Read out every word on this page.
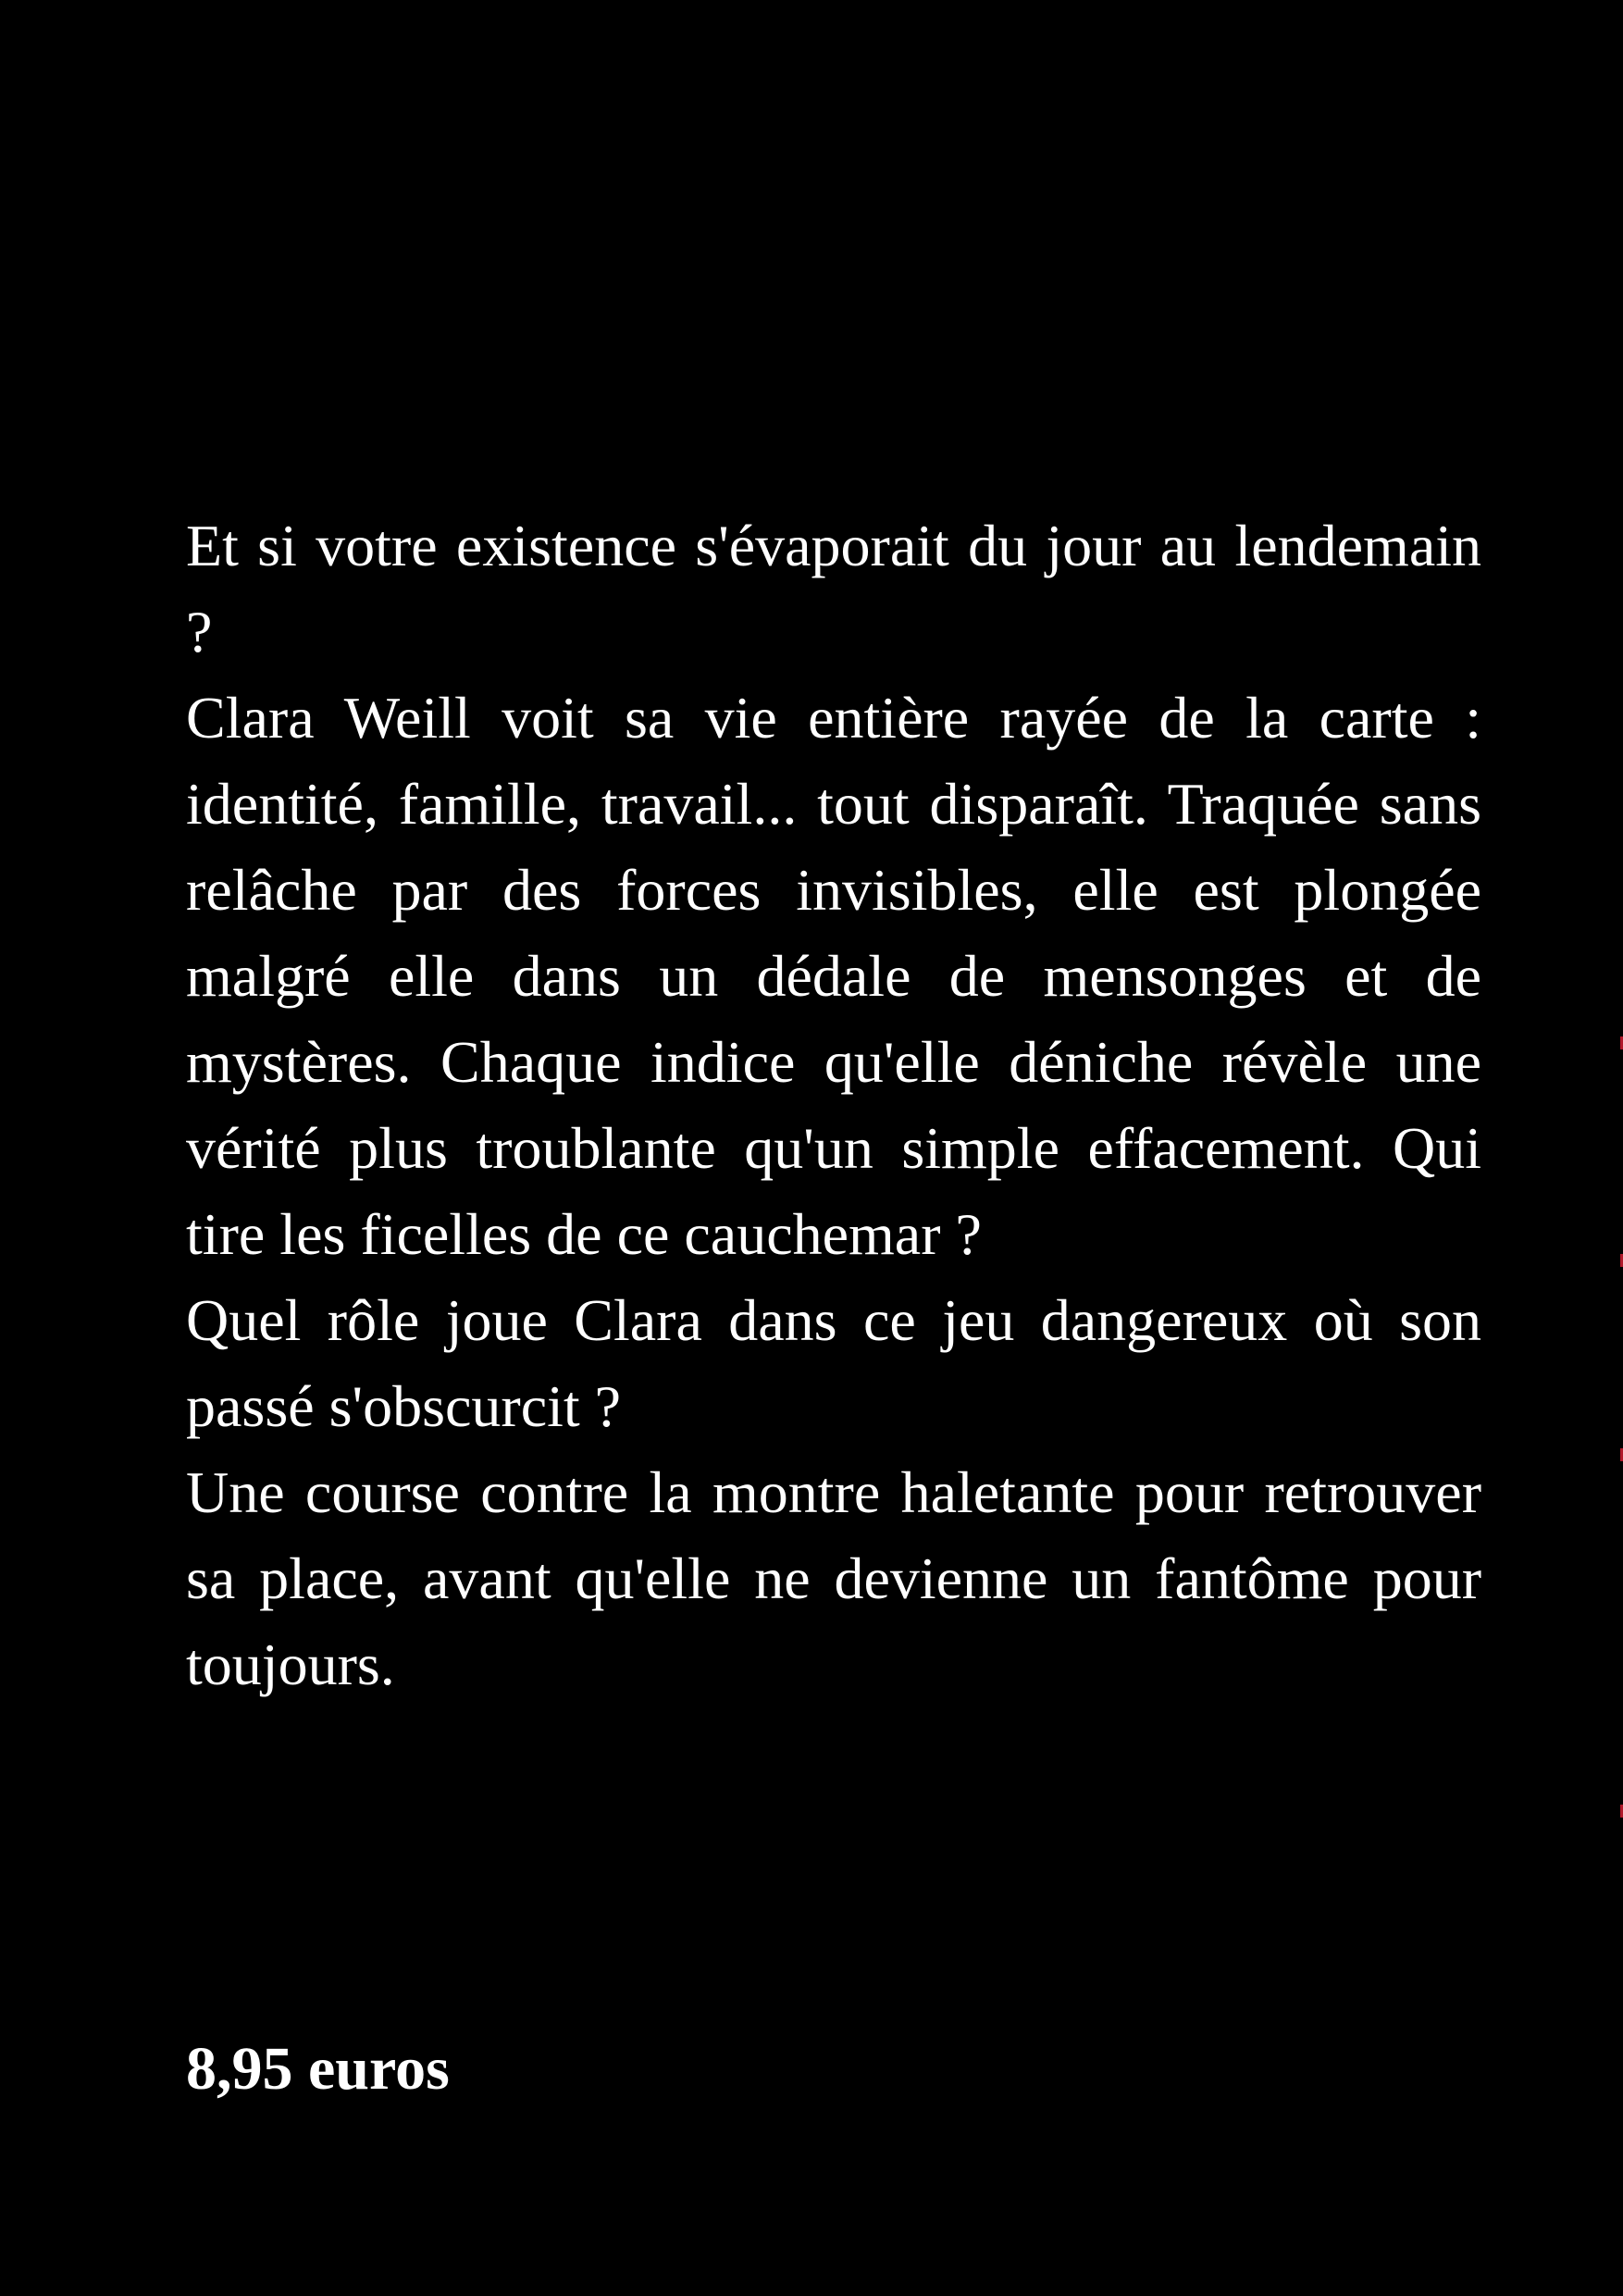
Et si votre existence s'évaporait du jour au lendemain ?

Clara Weill voit sa vie entière rayée de la carte : identité, famille, travail... tout disparaît. Traquée sans relâche par des forces invisibles, elle est plongée malgré elle dans un dédale de mensonges et de mystères. Chaque indice qu'elle déniche révèle une vérité plus troublante qu'un simple effacement. Qui tire les ficelles de ce cauchemar ?

Quel rôle joue Clara dans ce jeu dangereux où son passé s'obscurcit ?

Une course contre la montre haletante pour retrouver sa place, avant qu'elle ne devienne un fantôme pour toujours.

8,95 euros
